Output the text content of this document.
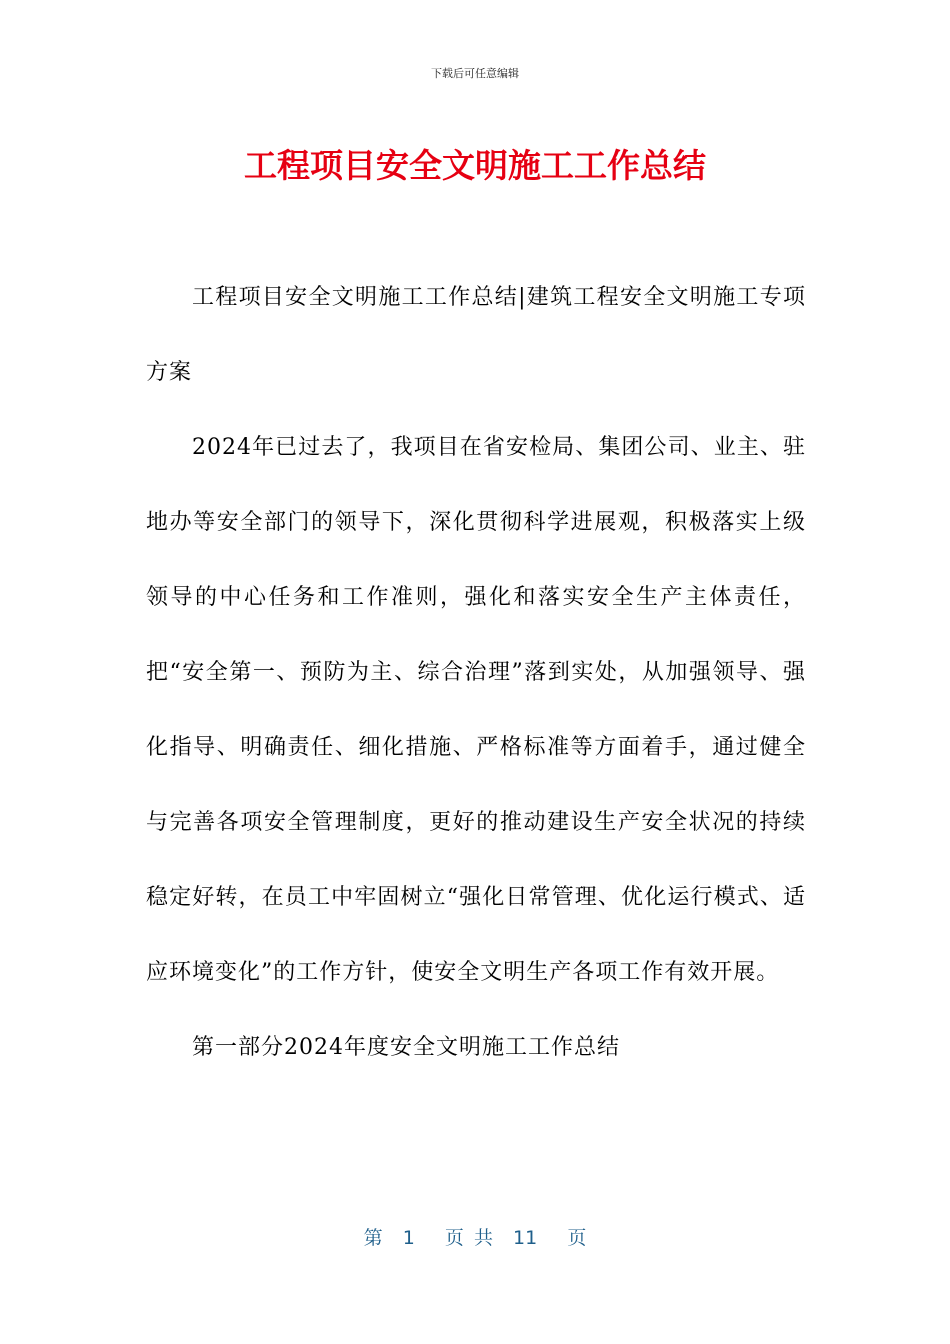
下载后可任意编辑
工程项目安全文明施工工作总结

工程项目安全文明施工工作总结|建筑工程安全文明施工专项方案

2024年已过去了，我项目在省安检局、集团公司、业主、驻地办等安全部门的领导下，深化贯彻科学进展观，积极落实上级领导的中心任务和工作准则，强化和落实安全生产主体责任，把“安全第一、预防为主、综合治理”落到实处，从加强领导、强化指导、明确责任、细化措施、严格标准等方面着手，通过健全与完善各项安全管理制度，更好的推动建设生产安全状况的持续稳定好转，在员工中牢固树立“强化日常管理、优化运行模式、适应环境变化”的工作方针，使安全文明生产各项工作有效开展。

第一部分2024年度安全文明施工工作总结

第  1   页 共  11   页
